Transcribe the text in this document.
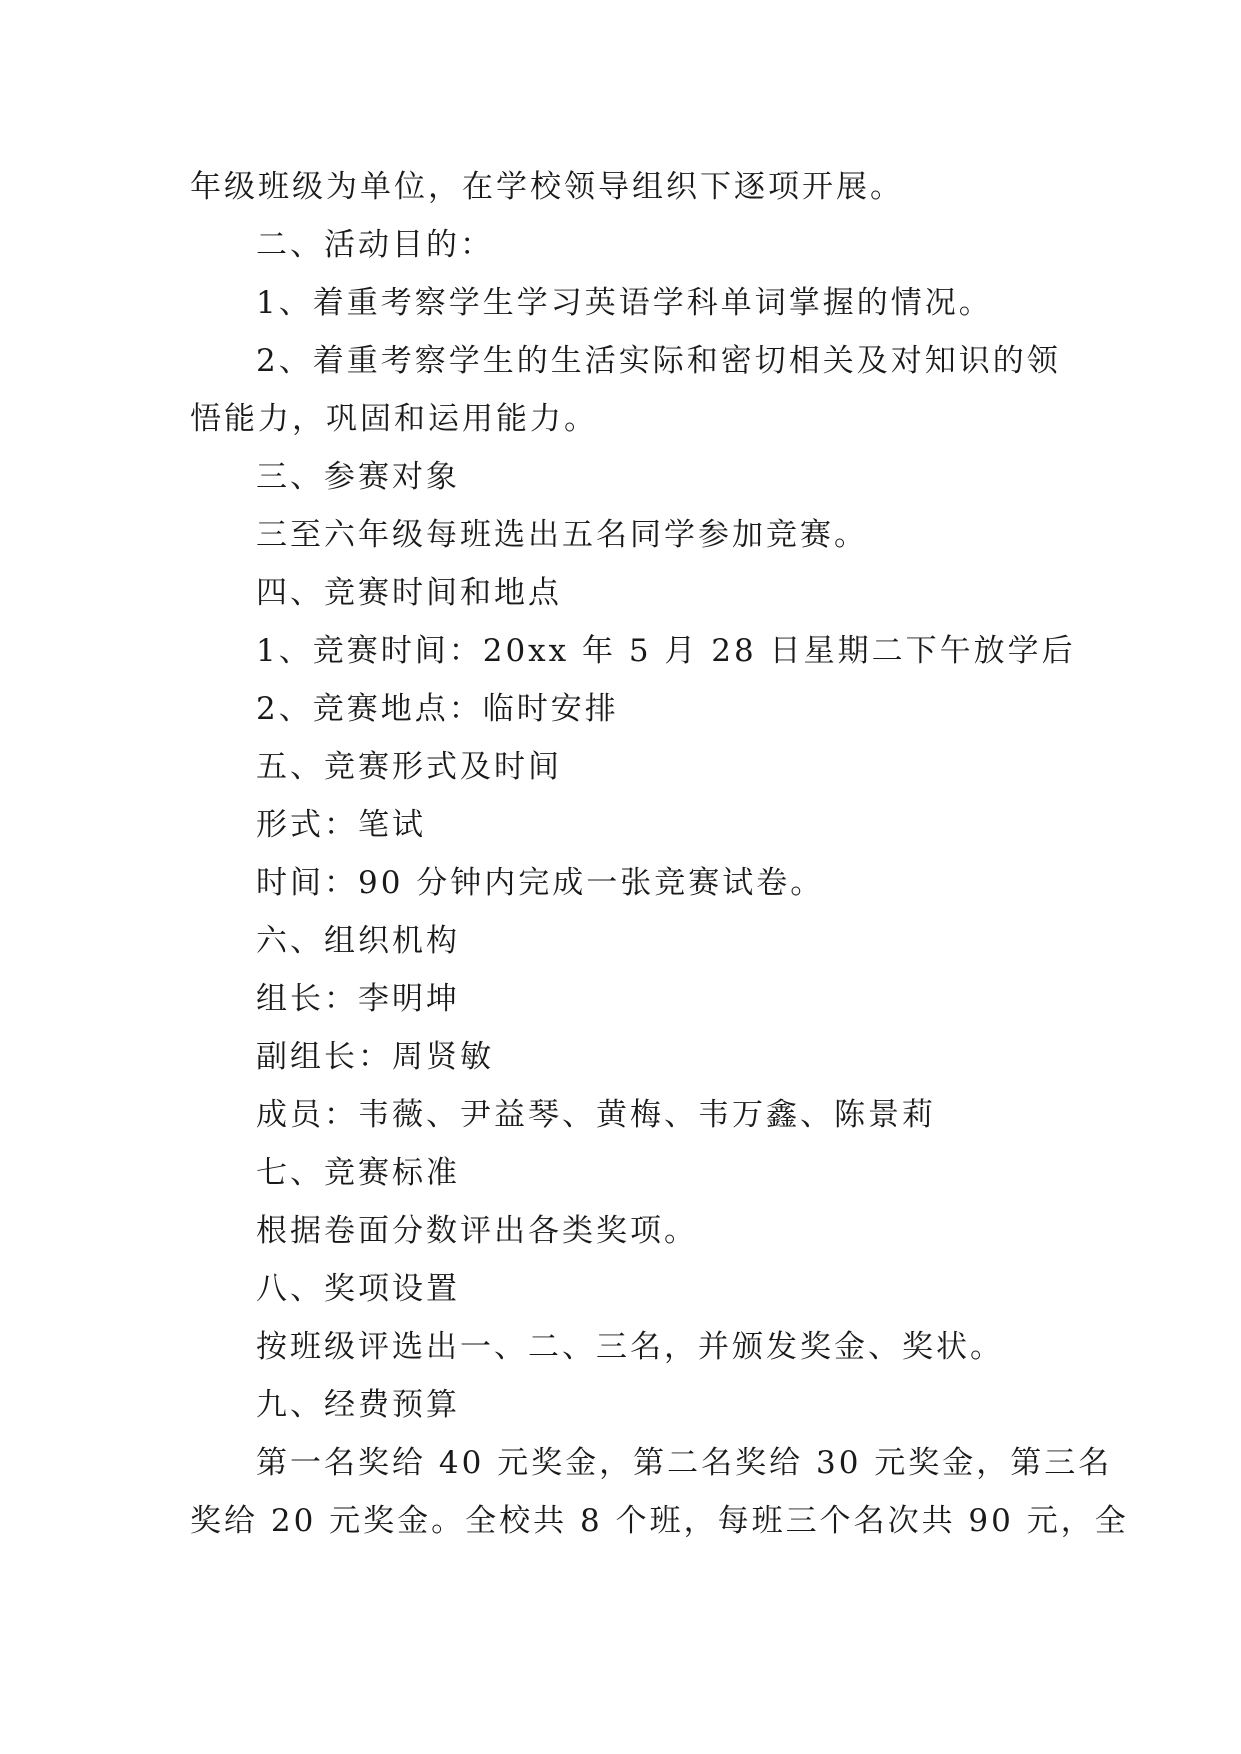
年级班级为单位，在学校领导组织下逐项开展。

二、活动目的：

1、着重考察学生学习英语学科单词掌握的情况。

2、着重考察学生的生活实际和密切相关及对知识的领

悟能力，巩固和运用能力。

三、参赛对象

三至六年级每班选出五名同学参加竞赛。

四、竞赛时间和地点

1、竞赛时间：20xx 年 5 月 28 日星期二下午放学后

2、竞赛地点：临时安排

五、竞赛形式及时间

形式：笔试

时间：90 分钟内完成一张竞赛试卷。

六、组织机构

组长：李明坤

副组长：周贤敏

成员：韦薇、尹益琴、黄梅、韦万鑫、陈景莉

七、竞赛标准

根据卷面分数评出各类奖项。

八、奖项设置

按班级评选出一、二、三名，并颁发奖金、奖状。

九、经费预算

第一名奖给 40 元奖金，第二名奖给 30 元奖金，第三名

奖给 20 元奖金。全校共 8 个班，每班三个名次共 90 元，全
